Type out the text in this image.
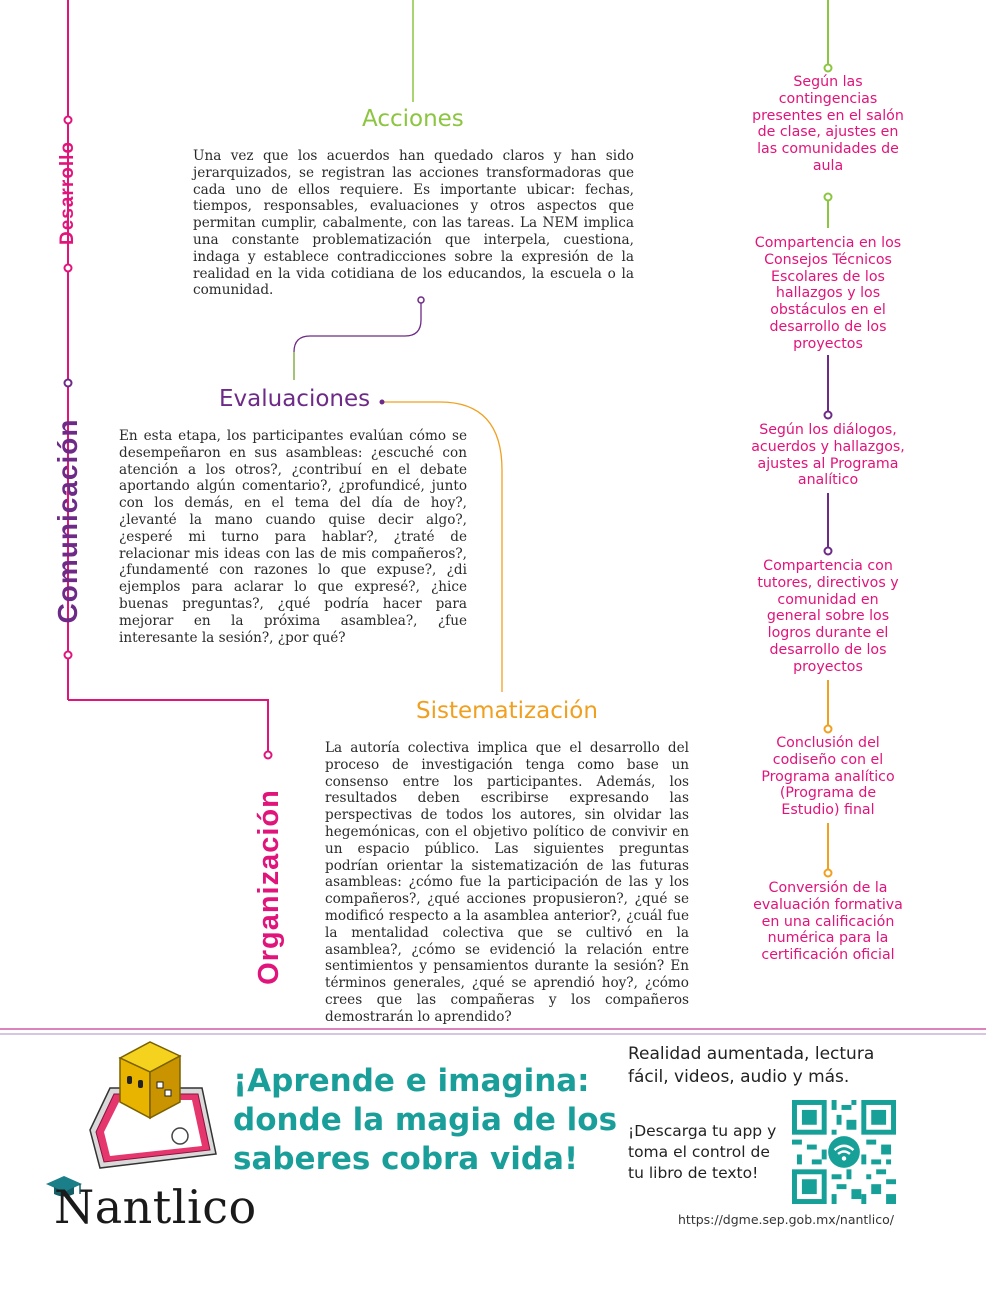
Desarrollo
Comunicación
Organización
Acciones
Una vez que los acuerdos han quedado claros y han sido jerarquizados, se registran las acciones transformadoras que cada uno de ellos requiere. Es importante ubicar: fechas, tiempos, responsables, evaluaciones y otros aspectos que permitan cumplir, cabalmente, con las tareas. La NEM implica una constante problematización que interpela, cuestiona, indaga y establece contradicciones sobre la expresión de la realidad en la vida cotidiana de los educandos, la escuela o la comunidad.
Evaluaciones
En esta etapa, los participantes evalúan cómo se desempeñaron en sus asambleas: ¿escuché con atención a los otros?, ¿contribuí en el debate aportando algún comentario?, ¿profundicé, junto con los demás, en el tema del día de hoy?, ¿levanté la mano cuando quise decir algo?, ¿esperé mi turno para hablar?, ¿traté de relacionar mis ideas con las de mis compañeros?, ¿fundamenté con razones lo que expuse?, ¿di ejemplos para aclarar lo que expresé?, ¿hice buenas preguntas?, ¿qué podría hacer para mejorar en la próxima asamblea?, ¿fue interesante la sesión?, ¿por qué?
Sistematización
La autoría colectiva implica que el desarrollo del proceso de investigación tenga como base un consenso entre los participantes. Además, los resultados deben escribirse expresando las perspectivas de todos los autores, sin olvidar las hegemónicas, con el objetivo político de convivir en un espacio público. Las siguientes preguntas podrían orientar la sistematización de las futuras asambleas: ¿cómo fue la participación de las y los compañeros?, ¿qué acciones propusieron?, ¿qué se modificó respecto a la asamblea anterior?, ¿cuál fue la mentalidad colectiva que se cultivó en la asamblea?, ¿cómo se evidenció la relación entre sentimientos y pensamientos durante la sesión? En términos generales, ¿qué se aprendió hoy?, ¿cómo crees que las compañeras y los compañeros demostrarán lo aprendido?
Según las contingencias presentes en el salón de clase, ajustes en las comunidades de aula
Compartencia en los Consejos Técnicos Escolares de los hallazgos y los obstáculos en el desarrollo de los proyectos
Según los diálogos, acuerdos y hallazgos, ajustes al Programa analítico
Compartencia con tutores, directivos y comunidad en general sobre los logros durante el desarrollo de los proyectos
Conclusión del codiseño con el Programa analítico (Programa de Estudio) final
Conversión de la evaluación formativa en una calificación numérica para la certificación oficial
¡Aprende e imagina: donde la magia de los saberes cobra vida!
Realidad aumentada, lectura fácil, videos, audio y más.
¡Descarga tu app y toma el control de tu libro de texto!
https://dgme.sep.gob.mx/nantlico/
Nantlico
